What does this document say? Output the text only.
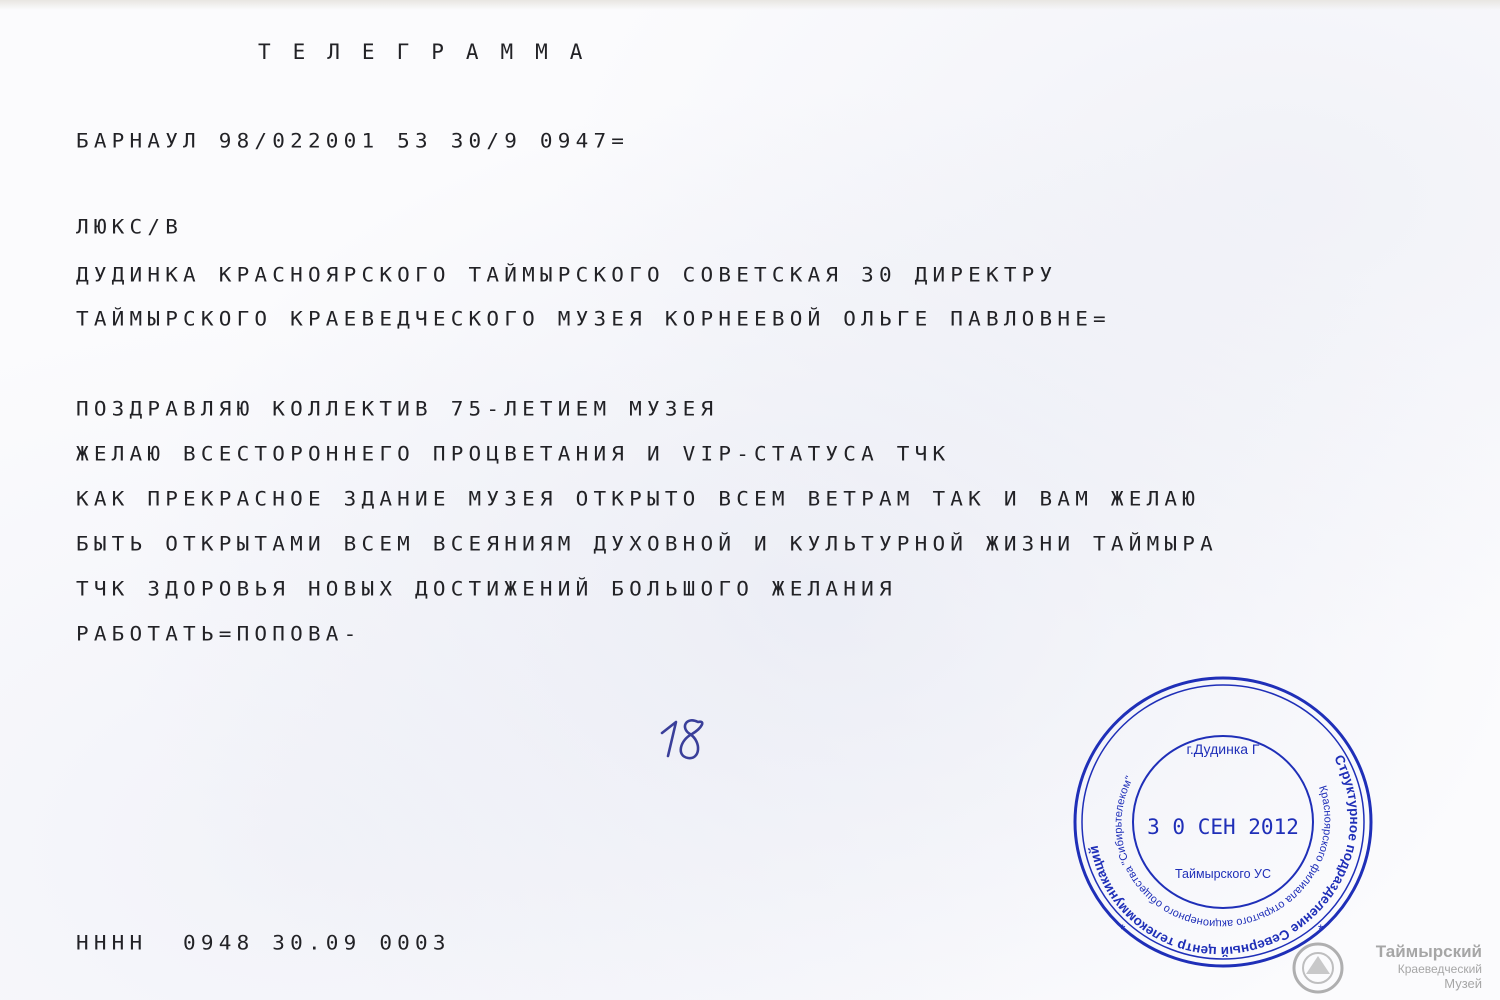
ТЕЛЕГРАММА
БАРНАУЛ 98/022001 53 30/9 0947=
ЛЮКС/В
ДУДИНКА КРАСНОЯРСКОГО ТАЙМЫРСКОГО СОВЕТСКАЯ 30 ДИРЕКТРУ
ТАЙМЫРСКОГО КРАЕВЕДЧЕСКОГО МУЗЕЯ КОРНЕЕВОЙ ОЛЬГЕ ПАВЛОВНЕ=
ПОЗДРАВЛЯЮ КОЛЛЕКТИВ 75-ЛЕТИЕМ МУЗЕЯ
ЖЕЛАЮ ВСЕСТОРОННЕГО ПРОЦВЕТАНИЯ И VIP-СТАТУСА ТЧК
КАК ПРЕКРАСНОЕ ЗДАНИЕ МУЗЕЯ ОТКРЫТО ВСЕМ ВЕТРАМ ТАК И ВАМ ЖЕЛАЮ
БЫТЬ ОТКРЫТАМИ ВСЕМ ВСЕЯНИЯМ ДУХОВНОЙ И КУЛЬТУРНОЙ ЖИЗНИ ТАЙМЫРА
ТЧК ЗДОРОВЬЯ НОВЫХ ДОСТИЖЕНИЙ БОЛЬШОГО ЖЕЛАНИЯ
РАБОТАТЬ=ПОПОВА-
НННН  0948 30.09 0003
Структурное подразделение Северный центр телекоммуникаций
Красноярского филиала открытого акционерного общества "Сибирьтелеком"
г.Дудинка Г
3 0 СЕН 2012
Таймырского УС
*	*
Таймырский
Краеведческий
Музей
